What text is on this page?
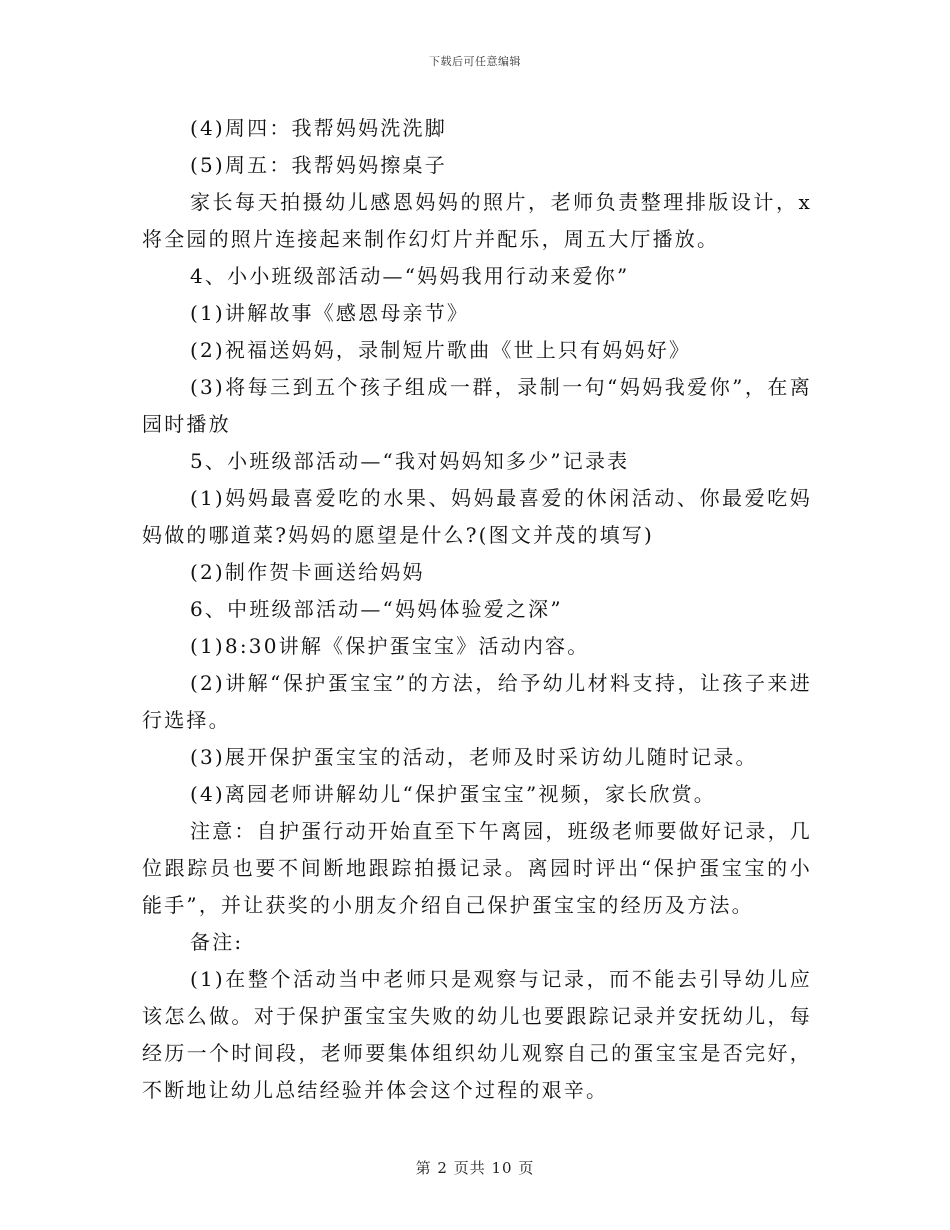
下载后可任意编辑

(4)周四：我帮妈妈洗洗脚

(5)周五：我帮妈妈擦桌子

家长每天拍摄幼儿感恩妈妈的照片，老师负责整理排版设计，x将全园的照片连接起来制作幻灯片并配乐，周五大厅播放。

4、小小班级部活动—“妈妈我用行动来爱你”

(1)讲解故事《感恩母亲节》

(2)祝福送妈妈，录制短片歌曲《世上只有妈妈好》

(3)将每三到五个孩子组成一群，录制一句“妈妈我爱你”，在离园时播放

5、小班级部活动—“我对妈妈知多少”记录表

(1)妈妈最喜爱吃的水果、妈妈最喜爱的休闲活动、你最爱吃妈妈做的哪道菜?妈妈的愿望是什么?(图文并茂的填写)

(2)制作贺卡画送给妈妈

6、中班级部活动—“妈妈体验爱之深”

(1)8:30讲解《保护蛋宝宝》活动内容。

(2)讲解“保护蛋宝宝”的方法，给予幼儿材料支持，让孩子来进行选择。

(3)展开保护蛋宝宝的活动，老师及时采访幼儿随时记录。

(4)离园老师讲解幼儿“保护蛋宝宝”视频，家长欣赏。

注意：自护蛋行动开始直至下午离园，班级老师要做好记录，几位跟踪员也要不间断地跟踪拍摄记录。离园时评出“保护蛋宝宝的小能手”，并让获奖的小朋友介绍自己保护蛋宝宝的经历及方法。

备注:

(1)在整个活动当中老师只是观察与记录，而不能去引导幼儿应该怎么做。对于保护蛋宝宝失败的幼儿也要跟踪记录并安抚幼儿，每经历一个时间段，老师要集体组织幼儿观察自己的蛋宝宝是否完好，不断地让幼儿总结经验并体会这个过程的艰辛。

第 2 页共 10 页
